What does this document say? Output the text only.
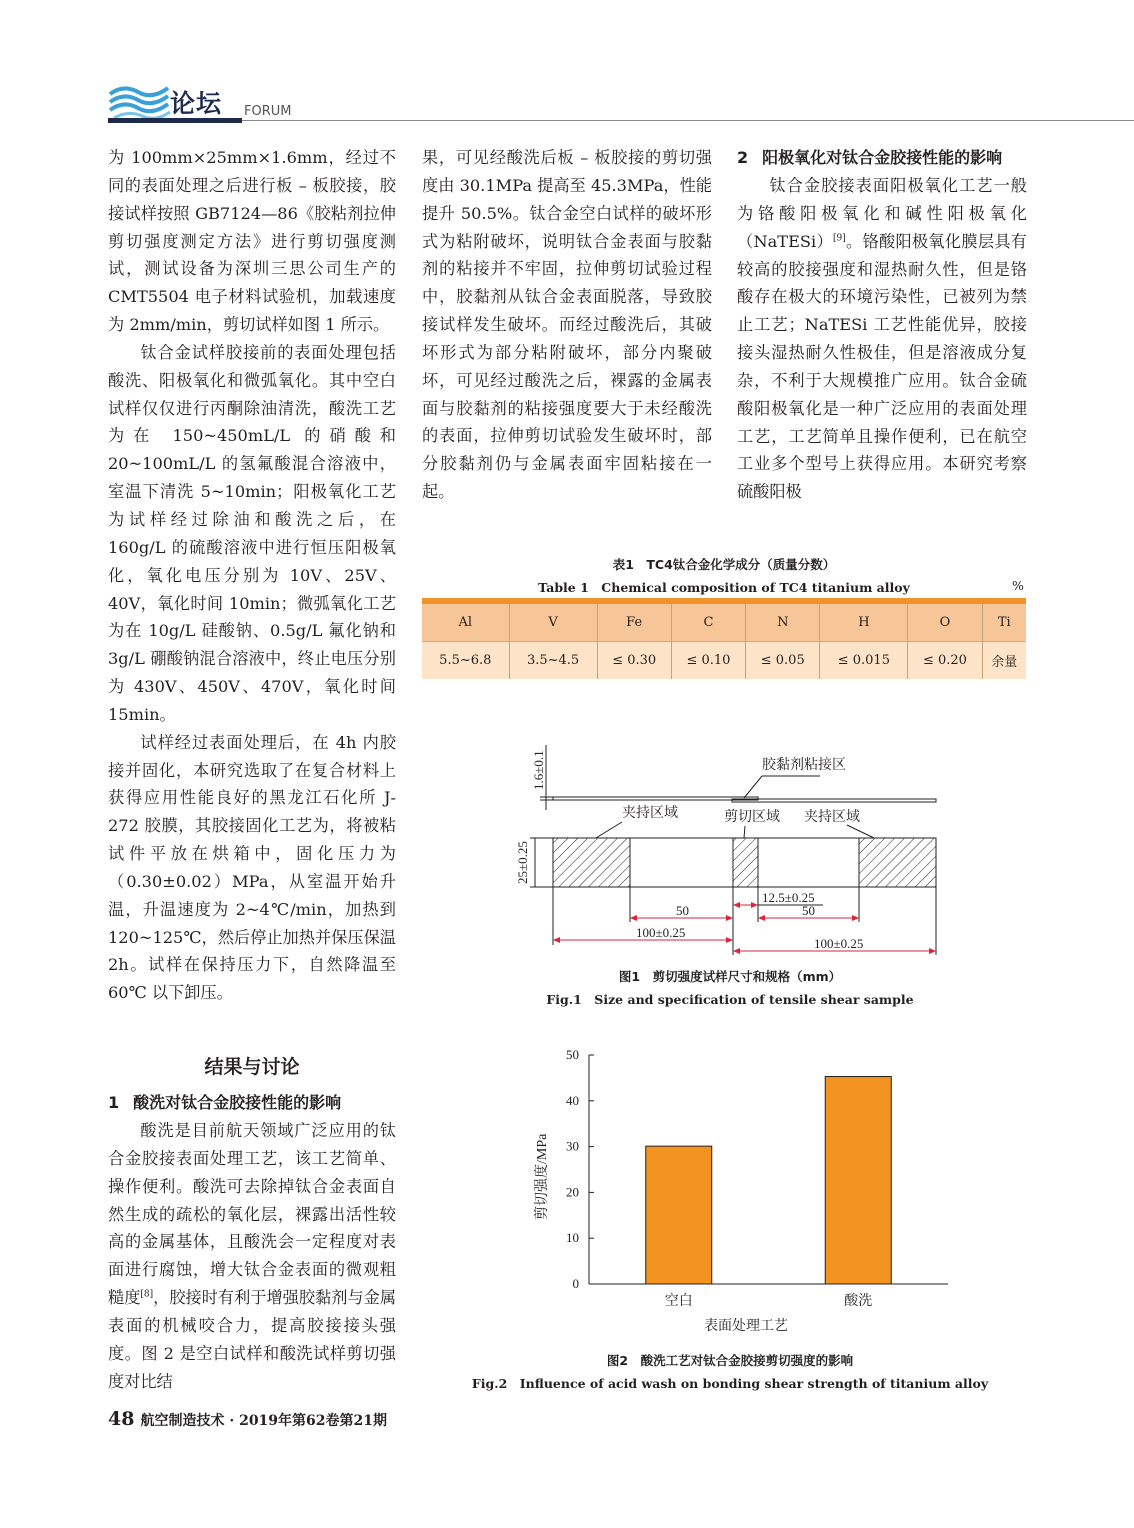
论坛 FORUM

为 100mm×25mm×1.6mm，经过不同的表面处理之后进行板 – 板胶接，胶接试样按照 GB7124—86《胶粘剂拉伸剪切强度测定方法》进行剪切强度测试，测试设备为深圳三思公司生产的 CMT5504 电子材料试验机，加载速度为 2mm/min，剪切试样如图 1 所示。

钛合金试样胶接前的表面处理包括酸洗、阳极氧化和微弧氧化。其中空白试样仅仅进行丙酮除油清洗，酸洗工艺为在 150~450mL/L 的硝酸和 20~100mL/L 的氢氟酸混合溶液中，室温下清洗 5~10min；阳极氧化工艺为试样经过除油和酸洗之后，在 160g/L 的硫酸溶液中进行恒压阳极氧化，氧化电压分别为 10V、25V、40V，氧化时间 10min；微弧氧化工艺为在 10g/L 硅酸钠、0.5g/L 氟化钠和 3g/L 硼酸钠混合溶液中，终止电压分别为 430V、450V、470V，氧化时间 15min。

试样经过表面处理后，在 4h 内胶接并固化，本研究选取了在复合材料上获得应用性能良好的黑龙江石化所 J-272 胶膜，其胶接固化工艺为，将被粘试件平放在烘箱中，固化压力为（0.30±0.02）MPa，从室温开始升温，升温速度为 2~4℃/min，加热到 120~125℃，然后停止加热并保压保温 2h。试样在保持压力下，自然降温至 60℃ 以下卸压。

结果与讨论
1 酸洗对钛合金胶接性能的影响

酸洗是目前航天领域广泛应用的钛合金胶接表面处理工艺，该工艺简单、操作便利。酸洗可去除掉钛合金表面自然生成的疏松的氧化层，裸露出活性较高的金属基体，且酸洗会一定程度对表面进行腐蚀，增大钛合金表面的微观粗糙度[8]，胶接时有利于增强胶黏剂与金属表面的机械咬合力，提高胶接接头强度。图 2 是空白试样和酸洗试样剪切强度对比结

果，可见经酸洗后板 – 板胶接的剪切强度由 30.1MPa 提高至 45.3MPa，性能提升 50.5%。钛合金空白试样的破坏形式为粘附破坏，说明钛合金表面与胶黏剂的粘接并不牢固，拉伸剪切试验过程中，胶黏剂从钛合金表面脱落，导致胶接试样发生破坏。而经过酸洗后，其破坏形式为部分粘附破坏，部分内聚破坏，可见经过酸洗之后，裸露的金属表面与胶黏剂的粘接强度要大于未经酸洗的表面，拉伸剪切试验发生破坏时，部分胶黏剂仍与金属表面牢固粘接在一起。

2 阳极氧化对钛合金胶接性能的影响

钛合金胶接表面阳极氧化工艺一般为铬酸阳极氧化和碱性阳极氧化（NaTESi）[9]。铬酸阳极氧化膜层具有较高的胶接强度和湿热耐久性，但是铬酸存在极大的环境污染性，已被列为禁止工艺；NaTESi 工艺性能优异，胶接接头湿热耐久性极佳，但是溶液成分复杂，不利于大规模推广应用。钛合金硫酸阳极氧化是一种广泛应用的表面处理工艺，工艺简单且操作便利，已在航空工业多个型号上获得应用。本研究考察硫酸阳极

表1　TC4钛合金化学成分（质量分数）
Table 1　Chemical composition of TC4 titanium alloy	%
Al	V	Fe	C	N	H	O	Ti
5.5~6.8	3.5~4.5	≤ 0.30	≤ 0.10	≤ 0.05	≤ 0.015	≤ 0.20	余量
1.6±0.1	胶黏剂粘接区
夹持区域	剪切区域 夹持区域
25±0.25
50
12.5±0.25
50
100±0.25
100±0.25
图1　剪切强度试样尺寸和规格（mm）
Fig.1　Size and specification of tensile shear sample
0
10
20
30
40
50
空白	酸洗
剪切强度/MPa
表面处理工艺
图2　酸洗工艺对钛合金胶接剪切强度的影响
Fig.2　Influence of acid wash on bonding shear strength of titanium alloy
48 航空制造技术 · 2019年第62卷第21期
